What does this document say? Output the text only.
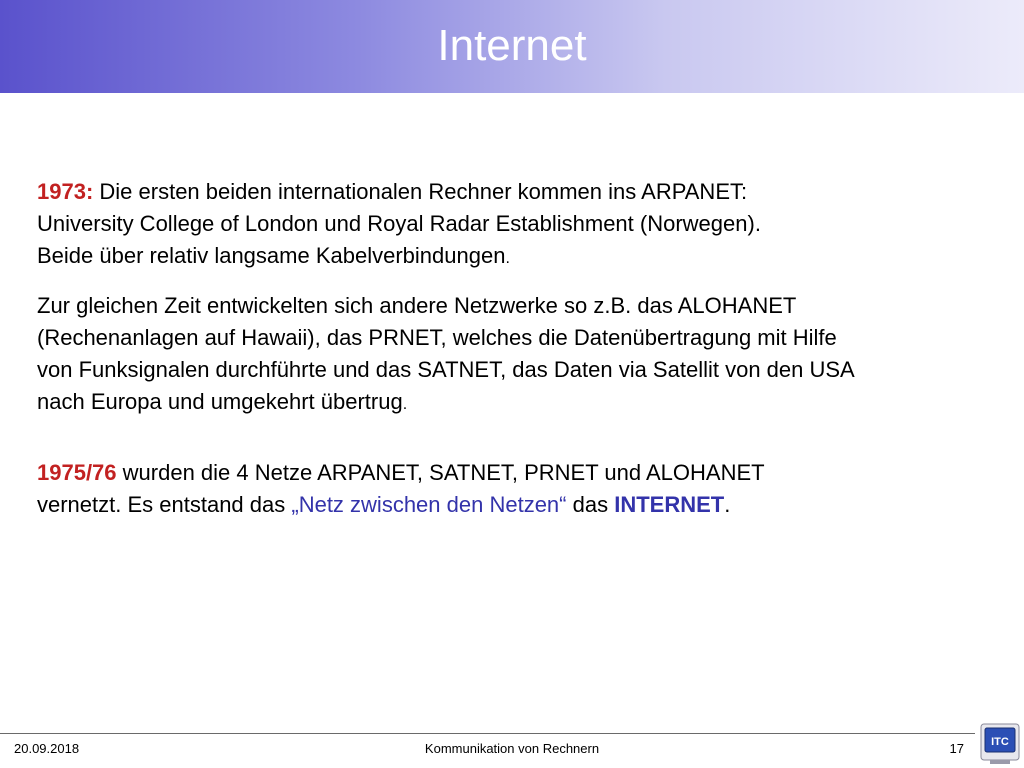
Internet
1973: Die ersten beiden internationalen Rechner kommen ins ARPANET:
University College of London und Royal Radar Establishment (Norwegen).
Beide über relativ langsame Kabelverbindungen.
Zur gleichen Zeit entwickelten sich andere Netzwerke so z.B. das ALOHANET
(Rechenanlagen auf Hawaii), das PRNET, welches die Datenübertragung mit Hilfe
von Funksignalen durchführte und das SATNET, das Daten via Satellit von den USA
nach Europa und umgekehrt übertrug.
1975/76 wurden die 4 Netze ARPANET, SATNET, PRNET und ALOHANET
vernetzt. Es entstand das „Netz zwischen den Netzen“ das INTERNET.
20.09.2018	Kommunikation von Rechnern	17 ITC
